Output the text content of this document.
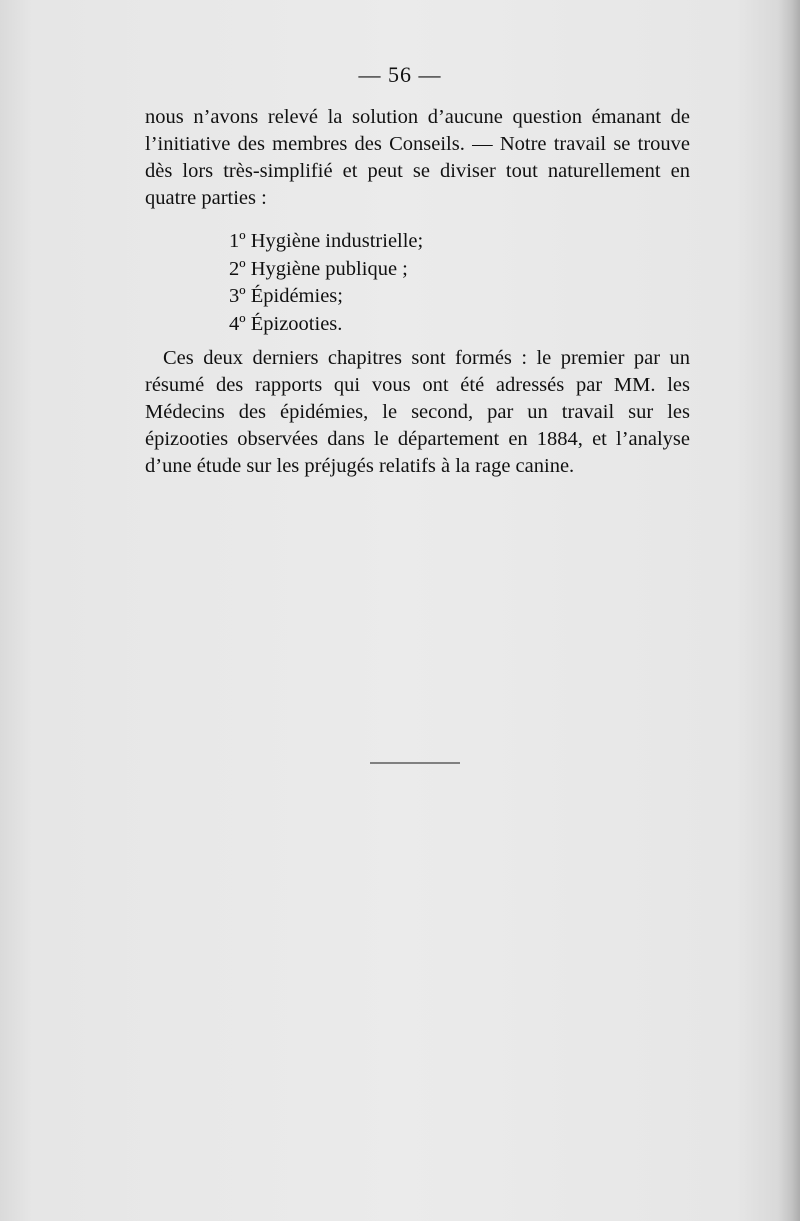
— 56 —

nous n’avons relevé la solution d’aucune question émanant de l’initiative des membres des Conseils. — Notre travail se trouve dès lors très-simplifié et peut se diviser tout naturellement en quatre parties :

1º Hygiène industrielle;
2º Hygiène publique ;
3º Épidémies;
4º Épizooties.

Ces deux derniers chapitres sont formés : le premier par un résumé des rapports qui vous ont été adressés par MM. les Médecins des épidémies, le second, par un travail sur les épizooties observées dans le département en 1884, et l’analyse d’une étude sur les préjugés relatifs à la rage canine.
